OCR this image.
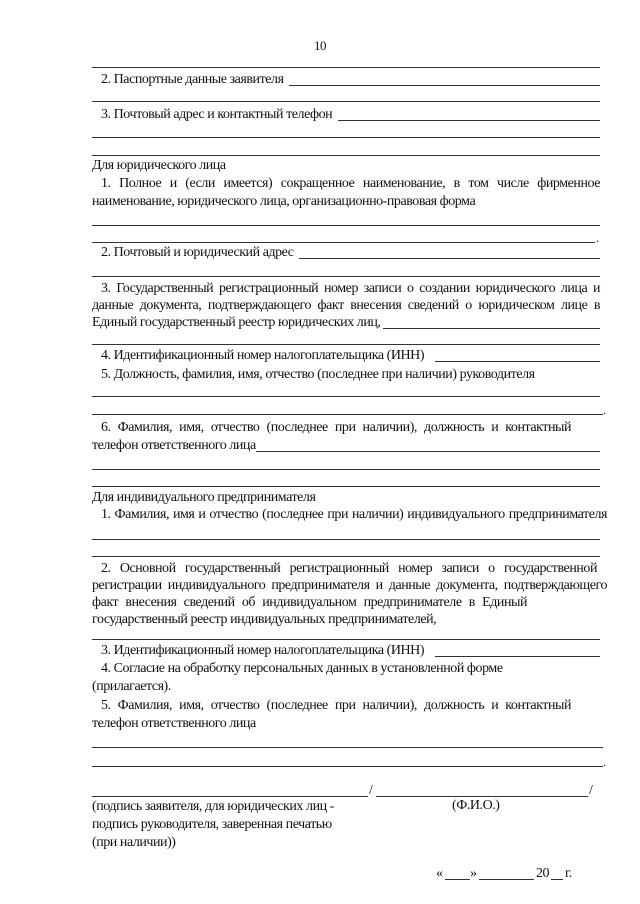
10
2. Паспортные данные заявителя
3. Почтовый адрес и контактный телефон
Для юридического лица
1. Полное и (если имеется) сокращенное наименование, в том числе фирменное
наименование, юридического лица, организационно-правовая форма
.
2. Почтовый и юридический адрес
3. Государственный регистрационный номер записи о создании юридического лица и
данные документа, подтверждающего факт внесения сведений о юридическом лице в
Единый государственный реестр юридических лиц,
4. Идентификационный номер налогоплательщика (ИНН)
5. Должность, фамилия, имя, отчество (последнее при наличии) руководителя
.
6. Фамилия, имя, отчество (последнее при наличии), должность и контактный
телефон ответственного лица
Для индивидуального предпринимателя
1. Фамилия, имя и отчество (последнее при наличии) индивидуального предпринимателя
2. Основной государственный регистрационный номер записи о государственной
регистрации индивидуального предпринимателя и данные документа, подтверждающего
факт внесения сведений об индивидуальном предпринимателе в Единый
государственный реестр индивидуальных предпринимателей,
3. Идентификационный номер налогоплательщика (ИНН)
4. Согласие на обработку персональных данных в установленной форме
(прилагается).
5. Фамилия, имя, отчество (последнее при наличии), должность и контактный
телефон ответственного лица
.
/	/
(подпись заявителя, для юридических лиц -
подпись руководителя, заверенная печатью
(при наличии))
(Ф.И.О.)
« »	20 г.
